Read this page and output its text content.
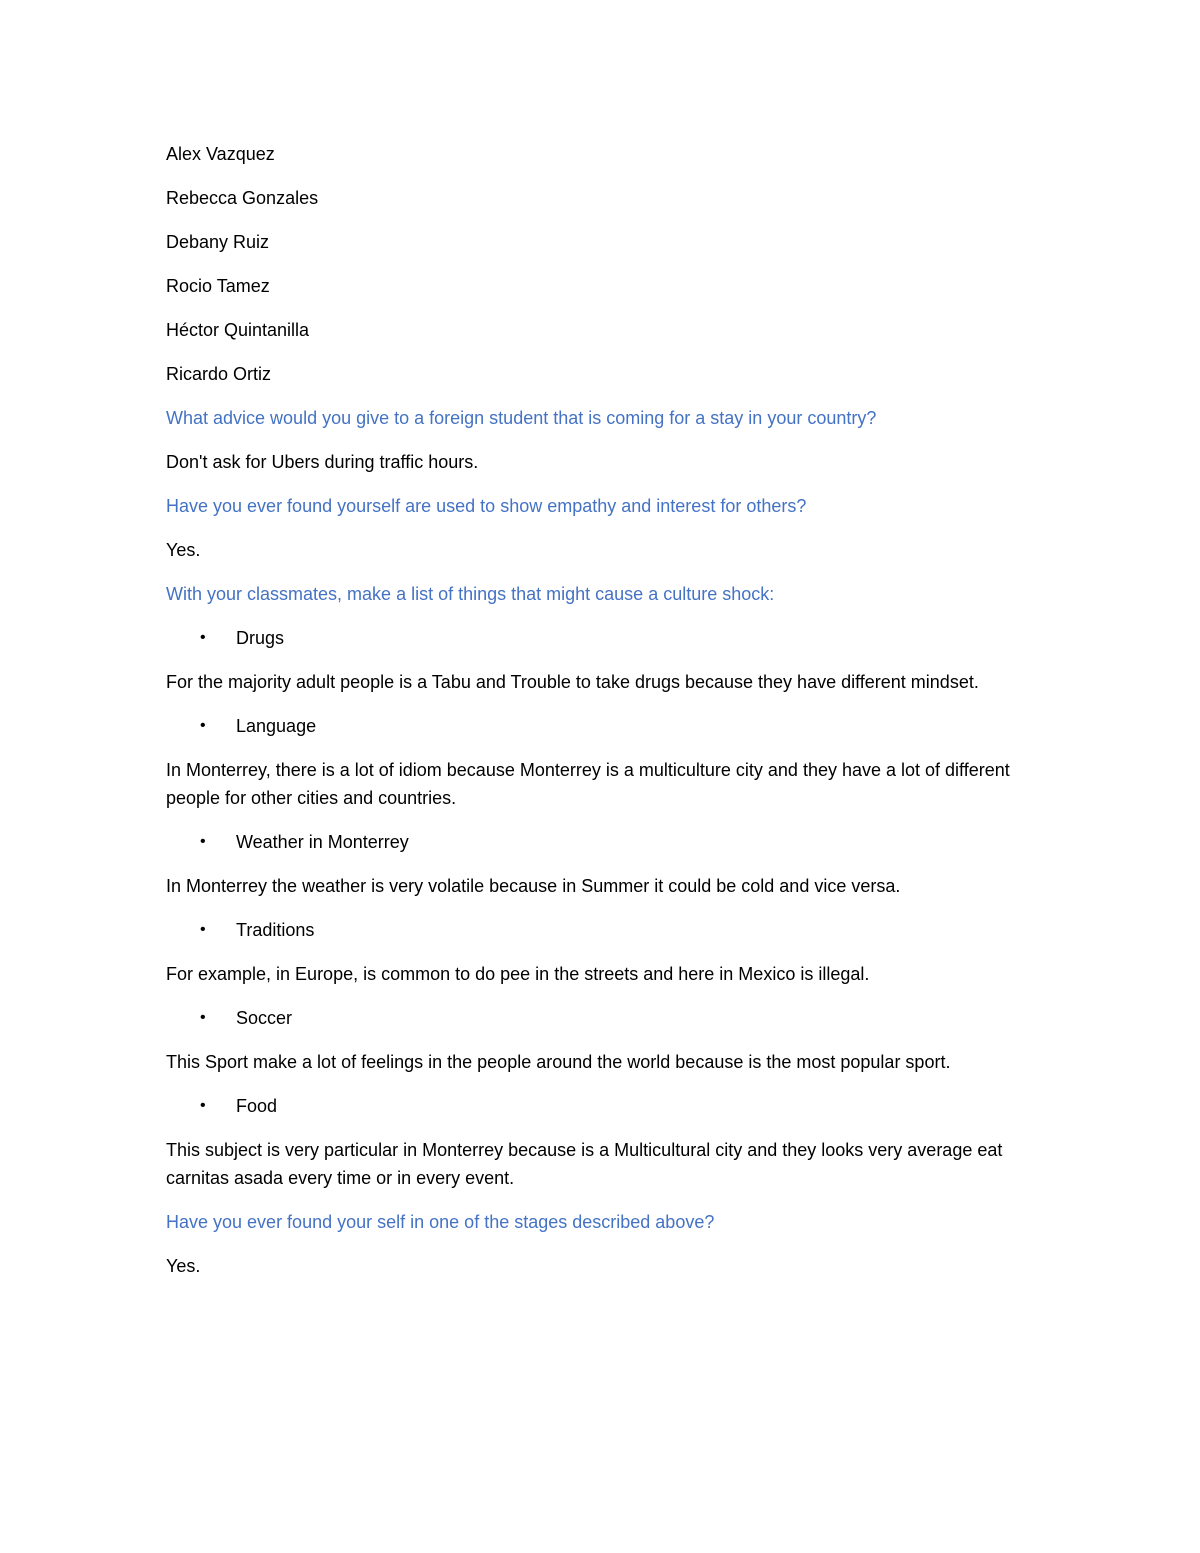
Alex Vazquez

Rebecca Gonzales

Debany Ruiz

Rocio Tamez

Héctor Quintanilla

Ricardo Ortiz

What advice would you give to a foreign student that is coming for a stay in your country?

Don't ask for Ubers during traffic hours.

Have you ever found yourself are used to show empathy and interest for others?

Yes.

With your classmates, make a list of things that might cause a culture shock:

•	Drugs

For the majority adult people is a Tabu and Trouble to take drugs because they have different mindset.

•	Language

In Monterrey, there is a lot of idiom because Monterrey is a multiculture city and they have a lot of different people for other cities and countries.

•	Weather in Monterrey

In Monterrey the weather is very volatile because in Summer it could be cold and vice versa.

•	Traditions

For example, in Europe, is common to do pee in the streets and here in Mexico is illegal.

•	Soccer

This Sport make a lot of feelings in the people around the world because is the most popular sport.

•	Food

This subject is very particular in Monterrey because is a Multicultural city and they looks very average eat carnitas asada every time or in every event.

Have you ever found your self in one of the stages described above?

Yes.
